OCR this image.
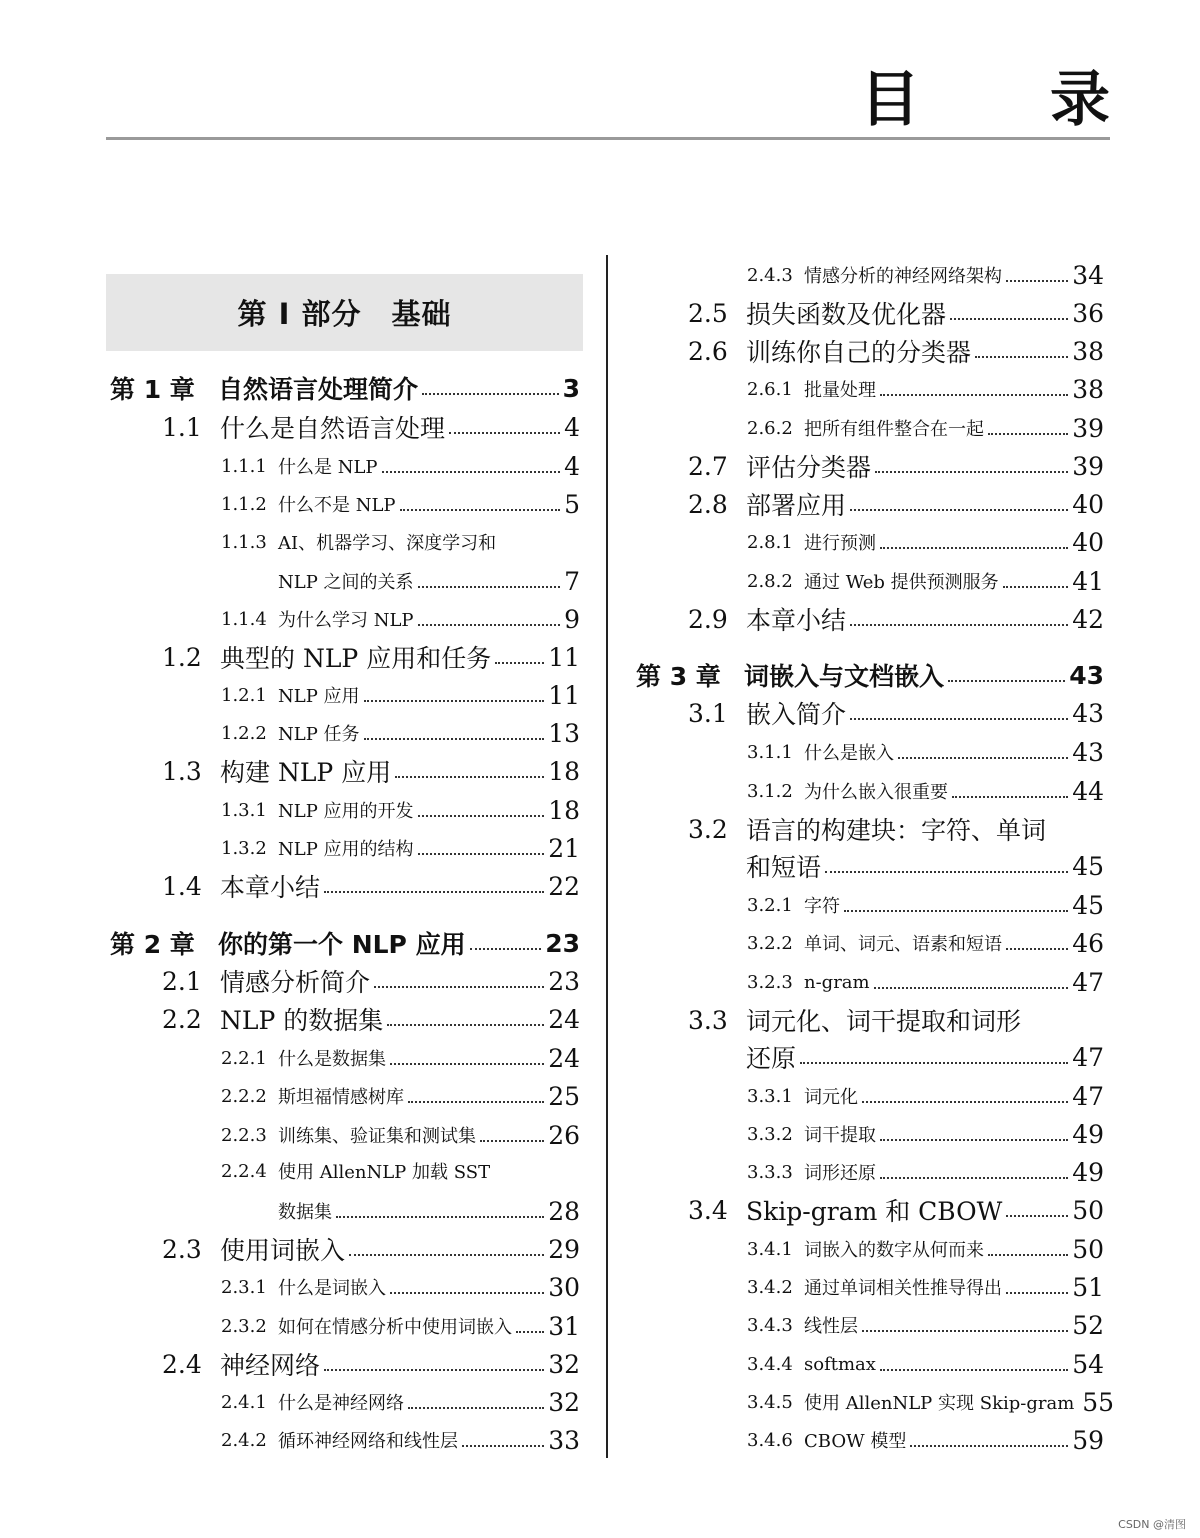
目 录
第 Ⅰ 部分 基础
第 1 章 自然语言处理简介	3
1.1 什么是自然语言处理	4
1.1.1 什么是 NLP	4
1.1.2 什么不是 NLP	5
1.1.3 AI、机器学习、深度学习和
NLP 之间的关系	7
1.1.4 为什么学习 NLP	9
1.2 典型的 NLP 应用和任务 11
1.2.1 NLP 应用	11
1.2.2 NLP 任务	13
1.3 构建 NLP 应用	18
1.3.1 NLP 应用的开发	18
1.3.2 NLP 应用的结构	21
1.4 本章小结	22
第 2 章 你的第一个 NLP 应用	23
2.1 情感分析简介	23
2.2 NLP 的数据集	24
2.2.1 什么是数据集	24
2.2.2 斯坦福情感树库	25
2.2.3 训练集、验证集和测试集	26
2.2.4 使用 AllenNLP 加载 SST
数据集	28
2.3 使用词嵌入	29
2.3.1 什么是词嵌入	30
2.3.2 如何在情感分析中使用词嵌入 31
2.4 神经网络	32
2.4.1 什么是神经网络	32
2.4.2 循环神经网络和线性层	33
2.4.3 情感分析的神经网络架构	34
2.5 损失函数及优化器	36
2.6 训练你自己的分类器	38
2.6.1 批量处理	38
2.6.2 把所有组件整合在一起	39
2.7 评估分类器	39
2.8 部署应用	40
2.8.1 进行预测	40
2.8.2 通过 Web 提供预测服务	41
2.9 本章小结	42
第 3 章 词嵌入与文档嵌入	43
3.1 嵌入简介	43
3.1.1 什么是嵌入	43
3.1.2 为什么嵌入很重要	44
3.2 语言的构建块：字符、单词
和短语	45
3.2.1 字符	45
3.2.2 单词、词元、语素和短语	46
3.2.3 n-gram	47
3.3 词元化、词干提取和词形
还原	47
3.3.1 词元化	47
3.3.2 词干提取	49
3.3.3 词形还原	49
3.4 Skip-gram 和 CBOW	50
3.4.1 词嵌入的数字从何而来	50
3.4.2 通过单词相关性推导得出	51
3.4.3 线性层	52
3.4.4 softmax	54
3.4.5 使用 AllenNLP 实现 Skip-gram 55
3.4.6 CBOW 模型	59
CSDN @清图
